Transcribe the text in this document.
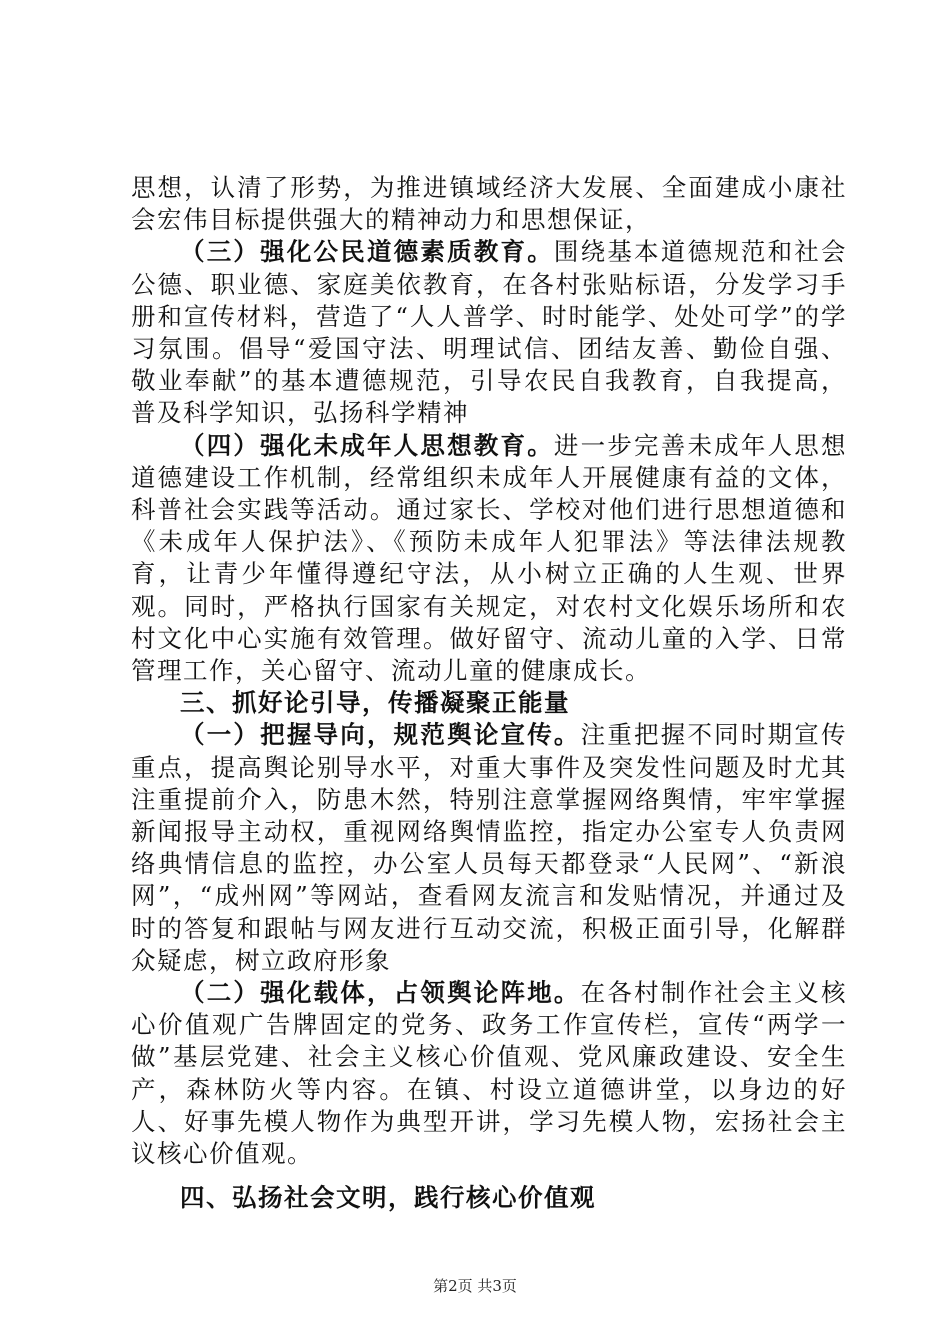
思想，认清了形势，为推进镇域经济大发展、全面建成小康社会宏伟目标提供强大的精神动力和思想保证，

（三）强化公民道德素质教育。围绕基本道德规范和社会公德、职业德、家庭美依教育，在各村张贴标语，分发学习手册和宣传材料，营造了“人人普学、时时能学、处处可学”的学习氛围。倡导“爱国守法、明理试信、团结友善、勤俭自强、敬业奉献”的基本遭德规范，引导农民自我教育，自我提高，普及科学知识，弘扬科学精神

（四）强化未成年人思想教育。进一步完善未成年人思想道德建设工作机制，经常组织未成年人开展健康有益的文体，科普社会实践等活动。通过家长、学校对他们进行思想道德和《未成年人保护法》、《预防未成年人犯罪法》等法律法规教育，让青少年懂得遵纪守法，从小树立正确的人生观、世界观。同时，严格执行国家有关规定，对农村文化娱乐场所和农村文化中心实施有效管理。做好留守、流动儿童的入学、日常管理工作，关心留守、流动儿童的健康成长。

三、抓好论引导，传播凝聚正能量

（一）把握导向，规范舆论宣传。注重把握不同时期宣传重点，提高舆论别导水平，对重大事件及突发性问题及时尤其注重提前介入，防患木然，特别注意掌握网络舆情，牢牢掌握新闻报导主动权，重视网络舆情监控，指定办公室专人负责网络典情信息的监控，办公室人员每天都登录“人民网”、“新浪网”，“成州网”等网站，查看网友流言和发贴情况，并通过及时的答复和跟帖与网友进行互动交流，积极正面引导，化解群众疑虑，树立政府形象

（二）强化载体，占领舆论阵地。在各村制作社会主义核心价值观广告牌固定的党务、政务工作宣传栏，宣传“两学一做”基层党建、社会主义核心价值观、党风廉政建设、安全生产，森林防火等内容。在镇、村设立道德讲堂，以身边的好人、好事先模人物作为典型开讲，学习先模人物，宏扬社会主议核心价值观。

四、弘扬社会文明，践行核心价值观

第2页 共3页
